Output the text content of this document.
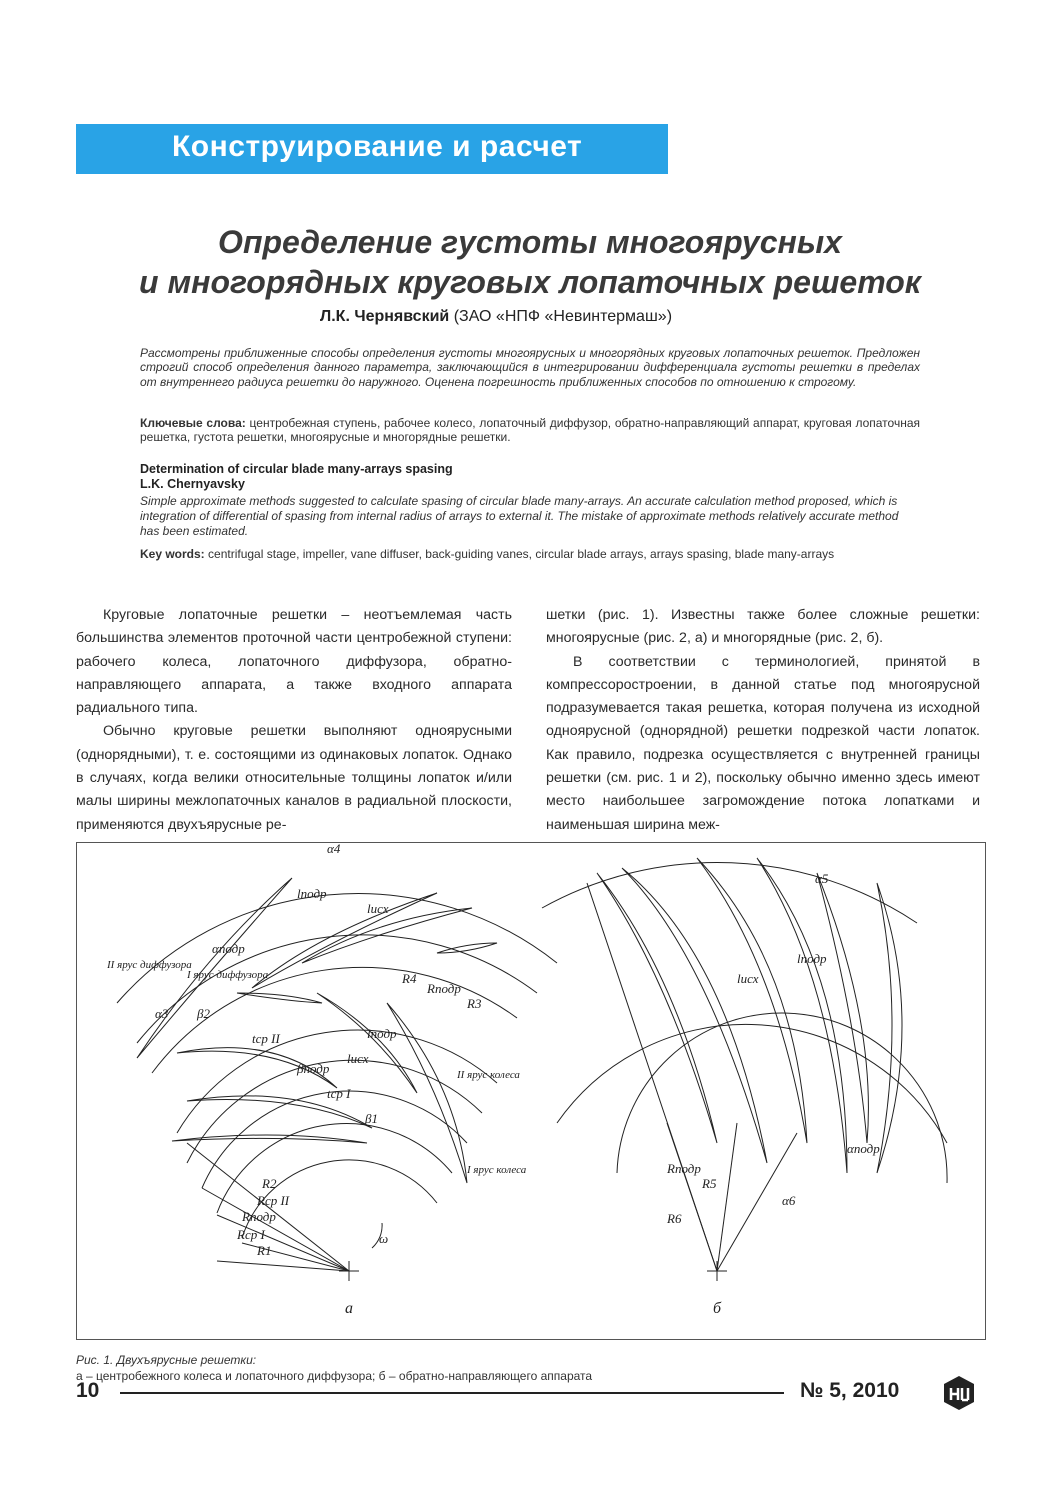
Конструирование и расчет
Определение густоты многоярусных
и многорядных круговых лопаточных решеток
Л.К. Чернявский (ЗАО «НПФ «Невинтермаш»)
Рассмотрены приближенные способы определения густоты многоярусных и многорядных круговых лопаточных решеток. Предложен строгий способ определения данного параметра, заключающийся в интегрировании дифференциала густоты решетки в пределах от внутреннего радиуса решетки до наружного. Оценена погрешность приближенных способов по отношению к строгому.
Ключевые слова: центробежная ступень, рабочее колесо, лопаточный диффузор, обратно-направляющий аппарат, круговая лопаточная решетка, густота решетки, многоярусные и многорядные решетки.
Determination of circular blade many-arrays spasing
L.K. Chernyavsky
Simple approximate methods suggested to calculate spasing of circular blade many-arrays. An accurate calculation method proposed, which is integration of differential of spasing from internal radius of arrays to external it. The mistake of approximate methods relatively accurate method has been estimated.
Key words: centrifugal stage, impeller, vane diffuser, back-guiding vanes, circular blade arrays, arrays spasing, blade many-arrays

Круговые лопаточные решетки – неотъемлемая часть большинства элементов проточной части центробежной ступени: рабочего колеса, лопаточного диффузора, обратно-направляющего аппарата, а также входного аппарата радиального типа.

Обычно круговые решетки выполняют одноярусными (однорядными), т. е. состоящими из одинаковых лопаток. Однако в случаях, когда велики относительные толщины лопаток и/или малы ширины межлопаточных каналов в радиальной плоскости, применяются двухъярусные ре-

шетки (рис. 1). Известны также более сложные решетки: многоярусные (рис. 2, а) и многорядные (рис. 2, б).

В соответствии с терминологией, принятой в компрессоростроении, в данной статье под многоярусной подразумевается такая решетка, которая получена из исходной одноярусной (однорядной) решетки подрезкой части лопаток. Как правило, подрезка осуществляется с внутренней границы решетки (см. рис. 1 и 2), поскольку обычно именно здесь имеют место наибольшее загромождение потока лопатками и наименьшая ширина меж-

α4
lподр
lисх
αподр
II ярус диффузора
I ярус диффузора
α3 β2
tср II	lподр
lисх
βподр
tср I
β1
R4
Rподр
R3
II ярус колеса
I ярус колеса
R2
Rср II
Rподр
Rср I
R1
ω
а
α5
lисх
lподр
αподр
α6
Rподр
R5
R6
б
Рис. 1. Двухъярусные решетки:
а – центробежного колеса и лопаточного диффузора; б – обратно-направляющего аппарата
10	№ 5, 2010
